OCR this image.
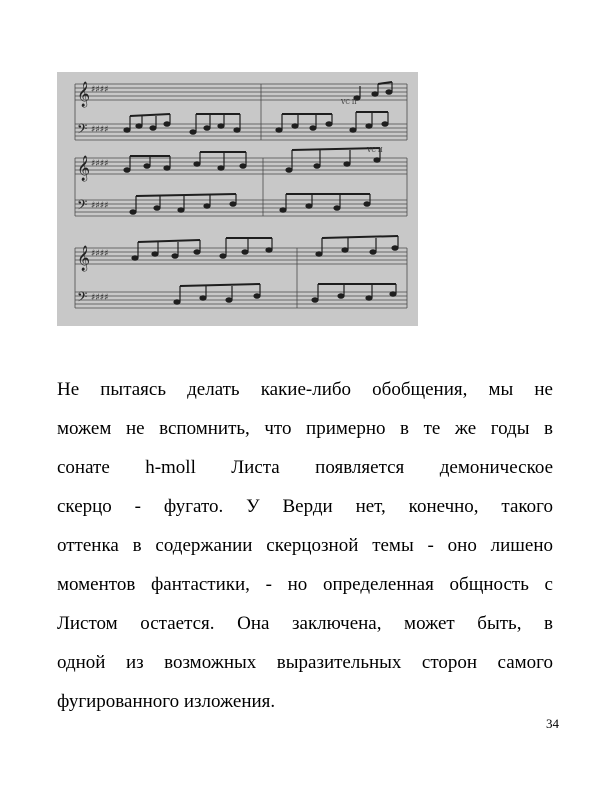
𝄞
𝄢
𝄞
𝄢
𝄞
𝄢
♯♯♯♯
♯♯♯♯
♯♯♯♯
♯♯♯♯
♯♯♯♯
♯♯♯♯
VC II
VC II
Не пытаясь делать какие-либо обобщения, мы не
можем не вспомнить, что примерно в те же годы в
сонате h-moll Листа появляется демоническое
скерцо - фугато. У Верди нет, конечно, такого
оттенка в содержании скерцозной темы - оно лишено
моментов фантастики, - но определенная общность с
Листом остается. Она заключена, может быть, в
одной из возможных выразительных сторон самого
фугированного изложения.
34
